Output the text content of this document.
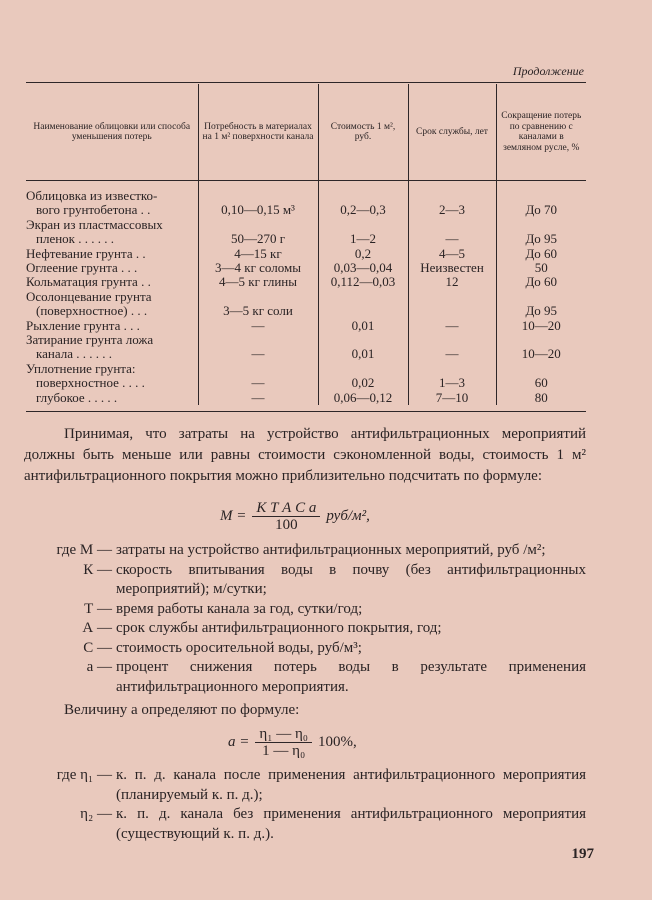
Продолжение
Наименование облицовки или способа уменьшения потерь	Потребность в материалах на 1 м² поверхности канала	Стоимость 1 м², руб.	Срок службы, лет	Сокращение потерь по сравнению с каналами в земляном русле, %

Облицовка из известко-
вого грунтобетона . .	0,10—0,15 м³	0,2—0,3	2—3	До 70

Экран из пластмассовых
пленок . . . . . .	50—270 г	1—2	—	До 95

Нефтевание грунта . .	4—15 кг	0,2	4—5	До 60

Оглеение грунта . . .	3—4 кг соломы	0,03—0,04	Неизвестен	50

Кольматация грунта . .	4—5 кг глины	0,112—0,03	12	До 60

Осолонцевание грунта
(поверхностное) . . .	3—5 кг соли			До 95

Рыхление грунта . . .	—	0,01	—	10—20

Затирание грунта ложа
канала . . . . . .	—	0,01	—	10—20

Уплотнение грунта:
поверхностное . . . .	—	0,02	1—3	60

глубокое . . . . .	—	0,06—0,12	7—10	80

Принимая, что затраты на устройство антифильтрационных мероприятий должны быть меньше или равны стоимости сэкономленной воды, стоимость 1 м² антифильтрационного покрытия можно приблизительно подсчитать по формуле:

$M = \frac{\text{К Т А С а}}{100} руб/м^2$,
где М — затраты на устройство антифильтрационных мероприятий, руб /м²;
К — скорость впитывания воды в почву (без антифильтрационных мероприятий); м/сутки;
Т — время работы канала за год, сутки/год;
А — срок службы антифильтрационного покрытия, год;
С — стоимость оросительной воды, руб/м³;
а — процент снижения потерь воды в результате применения антифильтрационного мероприятия.

Величину а определяют по формуле:

$a = \frac{\text{η₁ — η₀}}{\text{1 — η₀}} 100\%$,
где η₁ — к. п. д. канала после применения антифильтрационного мероприятия (планируемый к. п. д.);
η₂ — к. п. д. канала без применения антифильтрационного мероприятия (существующий к. п. д.).
197
